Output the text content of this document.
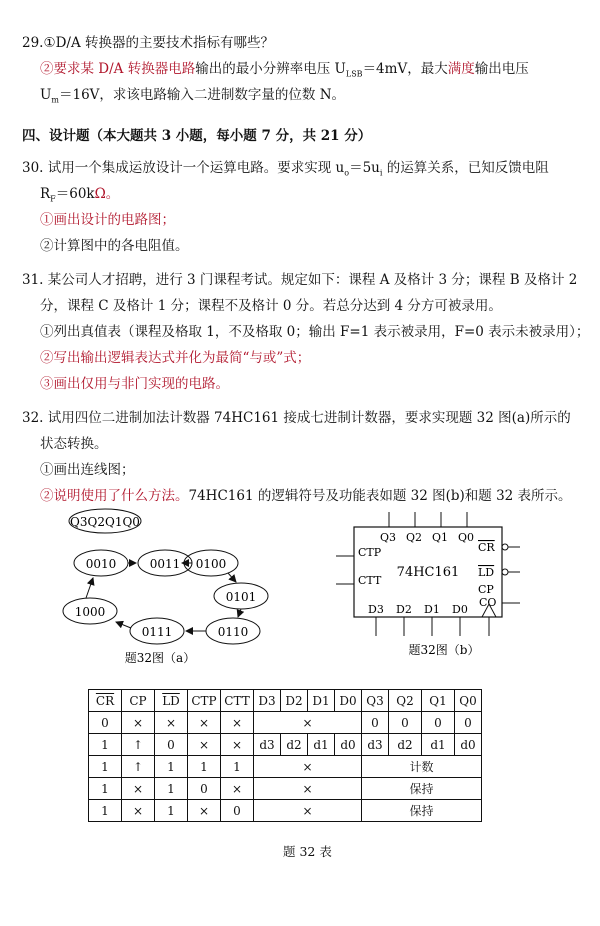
29.①D/A 转换器的主要技术指标有哪些？
②要求某 D/A 转换器电路输出的最小分辨率电压 $U_{LSB}=4mV$，最大满度输出电压
$U_m=16V$，求该电路输入二进制数字量的位数 N。
四、设计题（本大题共 3 小题，每小题 7 分，共 21 分）
30. 试用一个集成运放设计一个运算电路。要求实现 $u_o=5u_i$ 的运算关系，已知反馈电阻
$R_F=60k\Omega$。
①画出设计的电路图；
②计算图中的各电阻值。
31. 某公司人才招聘，进行 3 门课程考试。规定如下：课程 A 及格计 3 分；课程 B 及格计 2
分，课程 C 及格计 1 分；课程不及格计 0 分。若总分达到 4 分方可被录用。
①列出真值表（课程及格取 1，不及格取 0；输出 F=1 表示被录用，F=0 表示未被录用）；
②写出输出逻辑表达式并化为最简“与或”式；
③画出仅用与非门实现的电路。
32. 试用四位二进制加法计数器 74HC161 接成七进制计数器，要求实现题 32 图(a)所示的
状态转换。
①画出连线图；
②说明使用了什么方法。74HC161 的逻辑符号及功能表如题 32 图(b)和题 32 表所示。
Q3Q2Q1Q0
0010	0011 0100
0101
0110
0111
1000
题32图（a）
Q3 Q2 Q1 Q0
CTP
CTT
74HC161
CR
LD
CO
CP
D3 D2 D1 D0
题32图（b）
$\overline{CR}$	CP	$\overline{LD}$	CTP	CTT	D3	D2	D1	D0	Q3	Q2	Q1	Q0
0	×	×	×	×	×				0	0	0	0
1	↑	0	×	×	d3	d2	d1	d0	d3	d2	d1	d0
1	↑	1	1	1	×				计数			
1	×	1	0	×	×				保持			
1	×	1	×	0	×				保持			
题 32 表
